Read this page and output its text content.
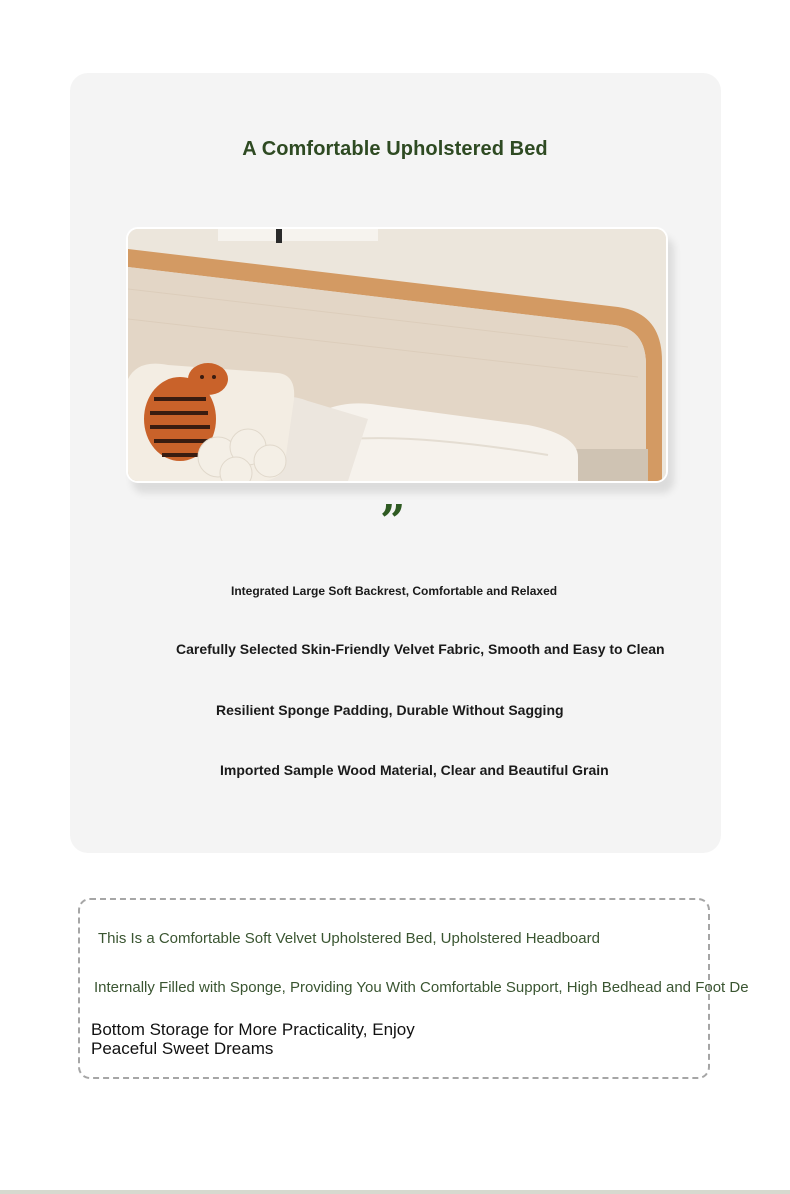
A Comfortable Upholstered Bed
”
Integrated Large Soft Backrest, Comfortable and Relaxed
Carefully Selected Skin-Friendly Velvet Fabric, Smooth and Easy to Clean
Resilient Sponge Padding, Durable Without Sagging
Imported Sample Wood Material, Clear and Beautiful Grain
This Is a Comfortable Soft Velvet Upholstered Bed, Upholstered Headboard
Internally Filled with Sponge, Providing You With Comfortable Support, High Bedhead and Foot De
Bottom Storage for More Practicality, Enjoy Peaceful Sweet Dreams
